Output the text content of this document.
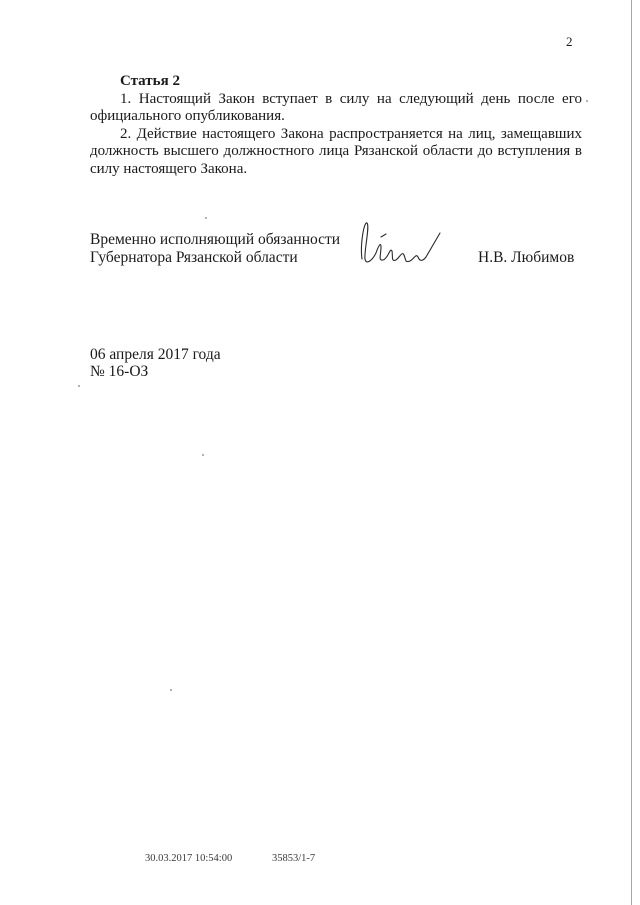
2
Статья 2
1. Настоящий Закон вступает в силу на следующий день после его
официального опубликования.
2. Действие настоящего Закона распространяется на лиц, замещавших
должность высшего должностного лица Рязанской области до вступления в
силу настоящего Закона.
Временно исполняющий обязанности
Губернатора Рязанской области	Н.В. Любимов
06 апреля 2017 года
№ 16-ОЗ
30.03.2017 10:54:00	35853/1-7
